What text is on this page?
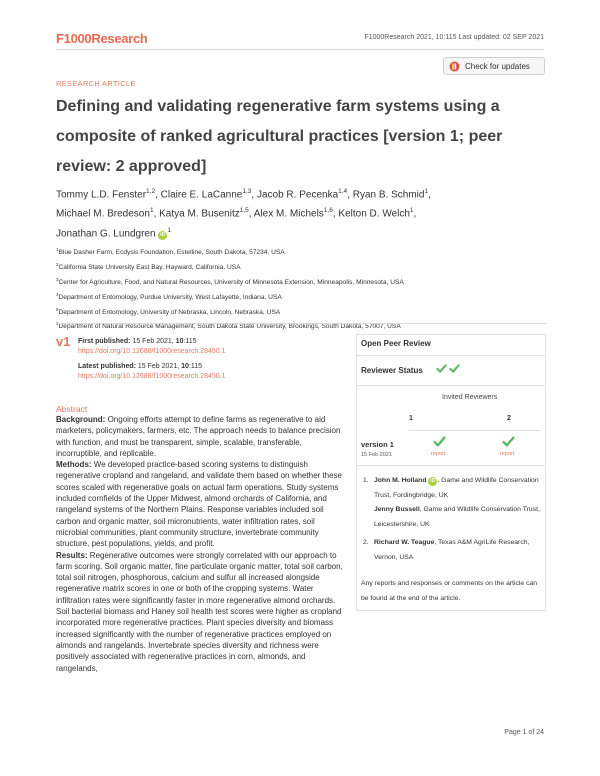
F1000Research	F1000Research 2021, 10:115 Last updated: 02 SEP 2021
Check for updates
RESEARCH ARTICLE
Defining and validating regenerative farm systems using a composite of ranked agricultural practices [version 1; peer review: 2 approved]
Tommy L.D. Fenster$^{1,2}$, Claire E. LaCanne$^{1,3}$, Jacob R. Pecenka$^{1,4}$, Ryan B. Schmid$^1$,
Michael M. Bredeson$^1$, Katya M. Busenitz$^{1,5}$, Alex M. Michels$^{1,6}$, Kelton D. Welch$^1$,
Jonathan G. Lundgren $iD^1$
$^1$Blue Dasher Farm, Ecdysis Foundation, Estelline, South Dakota, 57234, USA
$^2$California State University East Bay, Hayward, California, USA
$^3$Center for Agriculture, Food, and Natural Resources, University of Minnesota Extension, Minneapolis, Minnesota, USA
$^4$Department of Entomology, Purdue University, West Lafayette, Indiana, USA
$^5$Department of Entomology, University of Nebraska, Lincoln, Nebraska, USA
Department of Natural Resource Management, South Dakota State University, Brookings, South Dakota, 57007, USA
v1 First published: 15 Feb 2021, 10:115
https://doi.org/10.12688/f1000research.28450.1
Latest published: 15 Feb 2021, 10:115
https://doi.org/10.12688/f1000research.28450.1
Abstract

Background: Ongoing efforts attempt to define farms as regenerative to aid marketers, policymakers, farmers, etc. The approach needs to balance precision with function, and must be transparent, simple, scalable, transferable, incorruptible, and replicable.

Methods: We developed practice-based scoring systems to distinguish regenerative cropland and rangeland, and validate them based on whether these scores scaled with regenerative goals on actual farm operations. Study systems included cornfields of the Upper Midwest, almond orchards of California, and rangeland systems of the Northern Plains. Response variables included soil carbon and organic matter, soil micronutrients, water infiltration rates, soil microbial communities, plant community structure, invertebrate community structure, pest populations, yields, and profit.

Results: Regenerative outcomes were strongly correlated with our approach to farm scoring. Soil organic matter, fine particulate organic matter, total soil carbon, total soil nitrogen, phosphorous, calcium and sulfur all increased alongside regenerative matrix scores in one or both of the cropping systems. Water infiltration rates were significantly faster in more regenerative almond orchards. Soil bacterial biomass and Haney soil health test scores were higher as cropland incorporated more regenerative practices. Plant species diversity and biomass increased significantly with the number of regenerative practices employed on almonds and rangelands. Invertebrate species diversity and richness were positively associated with regenerative practices in corn, almonds, and rangelands,

Open Peer Review
Reviewer Status
Invited Reviewers
1	2
version 1
15 Feb 2021	report	report
1. John M. Holland iD , Game and Wildlife Conservation Trust, Fordingbridge, UK
Jenny Bussell, Game and Wildlife Conservation Trust, Leicestershire, UK
2. Richard W. Teague, Texas A&M AgriLife Research, Vernon, USA
Any reports and responses or comments on the article can be found at the end of the article.
Page 1 of 24
